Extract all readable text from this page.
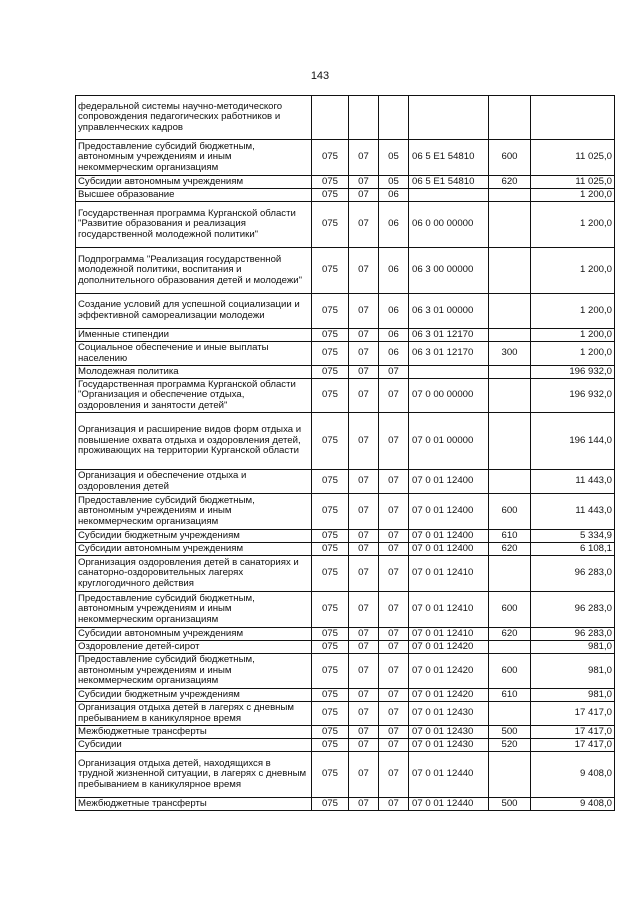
143
федеральной системы научно-методического сопровождения педагогических работников и управленческих кадров						
Предоставление субсидий бюджетным, автономным учреждениям и иным некоммерческим организациям	075	07	05	06 5 E1 54810	600	11 025,0
Субсидии автономным учреждениям	075	07	05	06 5 E1 54810	620	11 025,0
Высшее образование	075	07	06			1 200,0
Государственная программа Курганской области "Развитие образования и реализация государственной молодежной политики"	075	07	06	06 0 00 00000		1 200,0
Подпрограмма "Реализация государственной молодежной политики, воспитания и дополнительного образования детей и молодежи"	075	07	06	06 3 00 00000		1 200,0
Создание условий для успешной социализации и эффективной самореализации молодежи	075	07	06	06 3 01 00000		1 200,0
Именные стипендии	075	07	06	06 3 01 12170		1 200,0
Социальное обеспечение и иные выплаты населению	075	07	06	06 3 01 12170	300	1 200,0
Молодежная политика	075	07	07			196 932,0
Государственная программа Курганской области "Организация и обеспечение отдыха, оздоровления и занятости детей"	075	07	07	07 0 00 00000		196 932,0
Организация и расширение видов форм отдыха и повышение охвата отдыха и оздоровления детей, проживающих на территории Курганской области	075	07	07	07 0 01 00000		196 144,0
Организация и обеспечение отдыха и оздоровления детей	075	07	07	07 0 01 12400		11 443,0
Предоставление субсидий бюджетным, автономным учреждениям и иным некоммерческим организациям	075	07	07	07 0 01 12400	600	11 443,0
Субсидии бюджетным учреждениям	075	07	07	07 0 01 12400	610	5 334,9
Субсидии автономным учреждениям	075	07	07	07 0 01 12400	620	6 108,1
Организация оздоровления детей в санаториях и санаторно-оздоровительных лагерях круглогодичного действия	075	07	07	07 0 01 12410		96 283,0
Предоставление субсидий бюджетным, автономным учреждениям и иным некоммерческим организациям	075	07	07	07 0 01 12410	600	96 283,0
Субсидии автономным учреждениям	075	07	07	07 0 01 12410	620	96 283,0
Оздоровление детей-сирот	075	07	07	07 0 01 12420		981,0
Предоставление субсидий бюджетным, автономным учреждениям и иным некоммерческим организациям	075	07	07	07 0 01 12420	600	981,0
Субсидии бюджетным учреждениям	075	07	07	07 0 01 12420	610	981,0
Организация отдыха детей в лагерях с дневным пребыванием в каникулярное время	075	07	07	07 0 01 12430		17 417,0
Межбюджетные трансферты	075	07	07	07 0 01 12430	500	17 417,0
Субсидии	075	07	07	07 0 01 12430	520	17 417,0
Организация отдыха детей, находящихся в трудной жизненной ситуации, в лагерях с дневным пребыванием в каникулярное время	075	07	07	07 0 01 12440		9 408,0
Межбюджетные трансферты	075	07	07	07 0 01 12440	500	9 408,0
